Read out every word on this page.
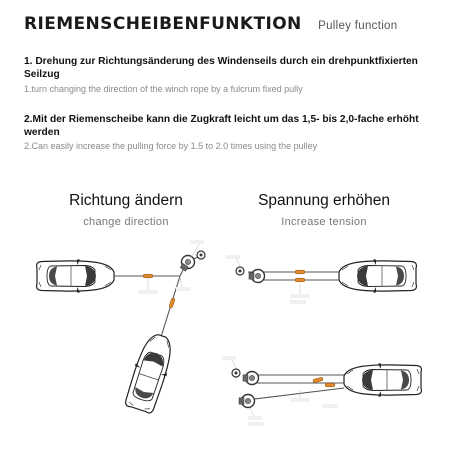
RIEMENSCHEIBENFUNKTION Pulley function
1. Drehung zur Richtungsänderung des Windenseils durch ein drehpunktfixierten Seilzug
1.turn changing the direction of the winch rope by a fulcrum fixed pully
2.Mit der Riemenscheibe kann die Zugkraft leicht um das 1,5- bis 2,0-fache erhöht werden
2.Can easily increase the pulling force by 1.5 to 2.0 times using the pulley
Richtung ändern
change direction
Spannung erhöhen
Increase tension
